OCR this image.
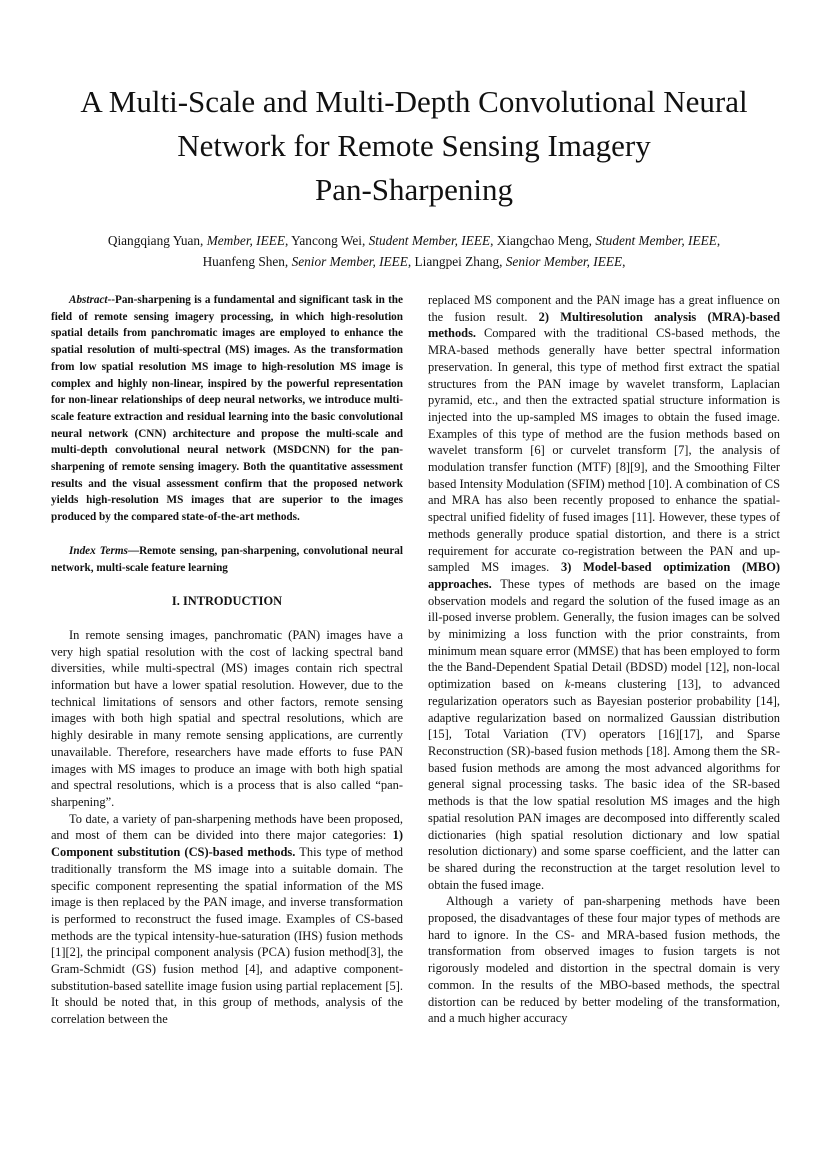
A Multi-Scale and Multi-Depth Convolutional Neural
Network for Remote Sensing Imagery
Pan-Sharpening
Qiangqiang Yuan, Member, IEEE, Yancong Wei, Student Member, IEEE, Xiangchao Meng, Student Member, IEEE,
Huanfeng Shen, Senior Member, IEEE, Liangpei Zhang, Senior Member, IEEE,

Abstract--Pan-sharpening is a fundamental and significant task in the field of remote sensing imagery processing, in which high-resolution spatial details from panchromatic images are employed to enhance the spatial resolution of multi-spectral (MS) images. As the transformation from low spatial resolution MS image to high-resolution MS image is complex and highly non-linear, inspired by the powerful representation for non-linear relationships of deep neural networks, we introduce multi-scale feature extraction and residual learning into the basic convolutional neural network (CNN) architecture and propose the multi-scale and multi-depth convolutional neural network (MSDCNN) for the pan-sharpening of remote sensing imagery. Both the quantitative assessment results and the visual assessment confirm that the proposed network yields high-resolution MS images that are superior to the images produced by the compared state-of-the-art methods.

Index Terms—Remote sensing, pan-sharpening, convolutional neural network, multi-scale feature learning

I. INTRODUCTION

In remote sensing images, panchromatic (PAN) images have a very high spatial resolution with the cost of lacking spectral band diversities, while multi-spectral (MS) images contain rich spectral information but have a lower spatial resolution. However, due to the technical limitations of sensors and other factors, remote sensing images with both high spatial and spectral resolutions, which are highly desirable in many remote sensing applications, are currently unavailable. Therefore, researchers have made efforts to fuse PAN images with MS images to produce an image with both high spatial and spectral resolutions, which is a process that is also called “pan-sharpening”.

To date, a variety of pan-sharpening methods have been proposed, and most of them can be divided into there major categories: 1) Component substitution (CS)-based methods. This type of method traditionally transform the MS image into a suitable domain. The specific component representing the spatial information of the MS image is then replaced by the PAN image, and inverse transformation is performed to reconstruct the fused image. Examples of CS-based methods are the typical intensity-hue-saturation (IHS) fusion methods [1][2], the principal component analysis (PCA) fusion method[3], the Gram-Schmidt (GS) fusion method [4], and adaptive component-substitution-based satellite image fusion using partial replacement [5]. It should be noted that, in this group of methods, analysis of the correlation between the

replaced MS component and the PAN image has a great influence on the fusion result. 2) Multiresolution analysis (MRA)-based methods. Compared with the traditional CS-based methods, the MRA-based methods generally have better spectral information preservation. In general, this type of method first extract the spatial structures from the PAN image by wavelet transform, Laplacian pyramid, etc., and then the extracted spatial structure information is injected into the up-sampled MS images to obtain the fused image. Examples of this type of method are the fusion methods based on wavelet transform [6] or curvelet transform [7], the analysis of modulation transfer function (MTF) [8][9], and the Smoothing Filter based Intensity Modulation (SFIM) method [10]. A combination of CS and MRA has also been recently proposed to enhance the spatial-spectral unified fidelity of fused images [11]. However, these types of methods generally produce spatial distortion, and there is a strict requirement for accurate co-registration between the PAN and up-sampled MS images. 3) Model-based optimization (MBO) approaches. These types of methods are based on the image observation models and regard the solution of the fused image as an ill-posed inverse problem. Generally, the fusion images can be solved by minimizing a loss function with the prior constraints, from minimum mean square error (MMSE) that has been employed to form the the Band-Dependent Spatial Detail (BDSD) model [12], non-local optimization based on k-means clustering [13], to advanced regularization operators such as Bayesian posterior probability [14], adaptive regularization based on normalized Gaussian distribution [15], Total Variation (TV) operators [16][17], and Sparse Reconstruction (SR)-based fusion methods [18]. Among them the SR-based fusion methods are among the most advanced algorithms for general signal processing tasks. The basic idea of the SR-based methods is that the low spatial resolution MS images and the high spatial resolution PAN images are decomposed into differently scaled dictionaries (high spatial resolution dictionary and low spatial resolution dictionary) and some sparse coefficient, and the latter can be shared during the reconstruction at the target resolution level to obtain the fused image.

Although a variety of pan-sharpening methods have been proposed, the disadvantages of these four major types of methods are hard to ignore. In the CS- and MRA-based fusion methods, the transformation from observed images to fusion targets is not rigorously modeled and distortion in the spectral domain is very common. In the results of the MBO-based methods, the spectral distortion can be reduced by better modeling of the transformation, and a much higher accuracy
